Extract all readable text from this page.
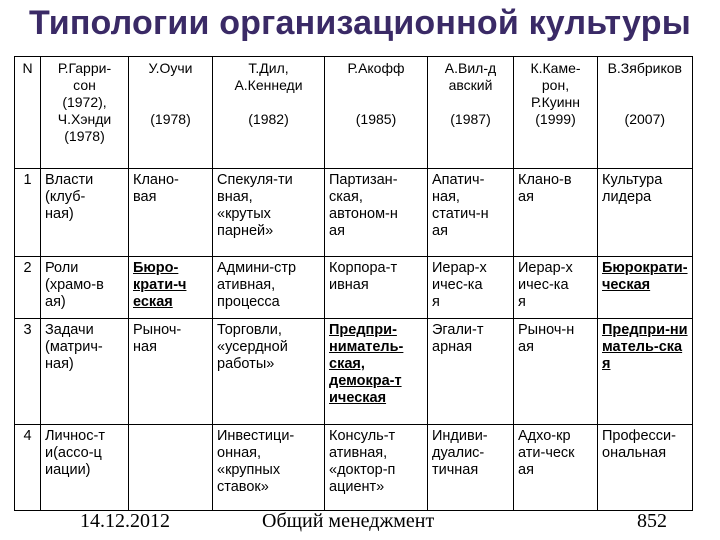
Типологии организационной культуры
N	Р.Гарри-
сон
(1972),
Ч.Хэнди
(1978)	У.Оучи

(1978)	Т.Дил,
А.Кеннеди

(1982)	Р.Акофф

(1985)	А.Вил-д
авский

(1987)	К.Каме-
рон,
Р.Куинн
(1999)	В.Зябриков

(2007)
1	Власти
(клуб-
ная)	Клано-
вая	Спекуля-ти
вная,
«крутых
парней»	Партизан-
ская,
автоном-н
ая	Апатич-
ная,
статич-н
ая	Клано-в
ая	Культура
лидера
2	Роли
(храмо-в
ая)	Бюро-
крати-ч
еская	Админи-стр
ативная,
процесса	Корпора-т
ивная	Иерар-х
ичес-ка
я	Иерар-х
ичес-ка
я	Бюрократи-
ческая
3	Задачи
(матрич-
ная)	Рыноч-
ная	Торговли,
«усердной
работы»	Предпри-
ниматель-
ская,
демокра-т
ическая	Эгали-т
арная	Рыноч-н
ая	Предпри-ни
матель-ска
я
4	Личнос-т
и(ассо-ц
иации)		Инвестици-
онная,
«крупных
ставок»	Консуль-т
ативная,
«доктор-п
ациент»	Индиви-
дуалис-
тичная	Адхо-кр
ати-ческ
ая	Професси-
ональная
14.12.2012	Общий менеджмент	852
